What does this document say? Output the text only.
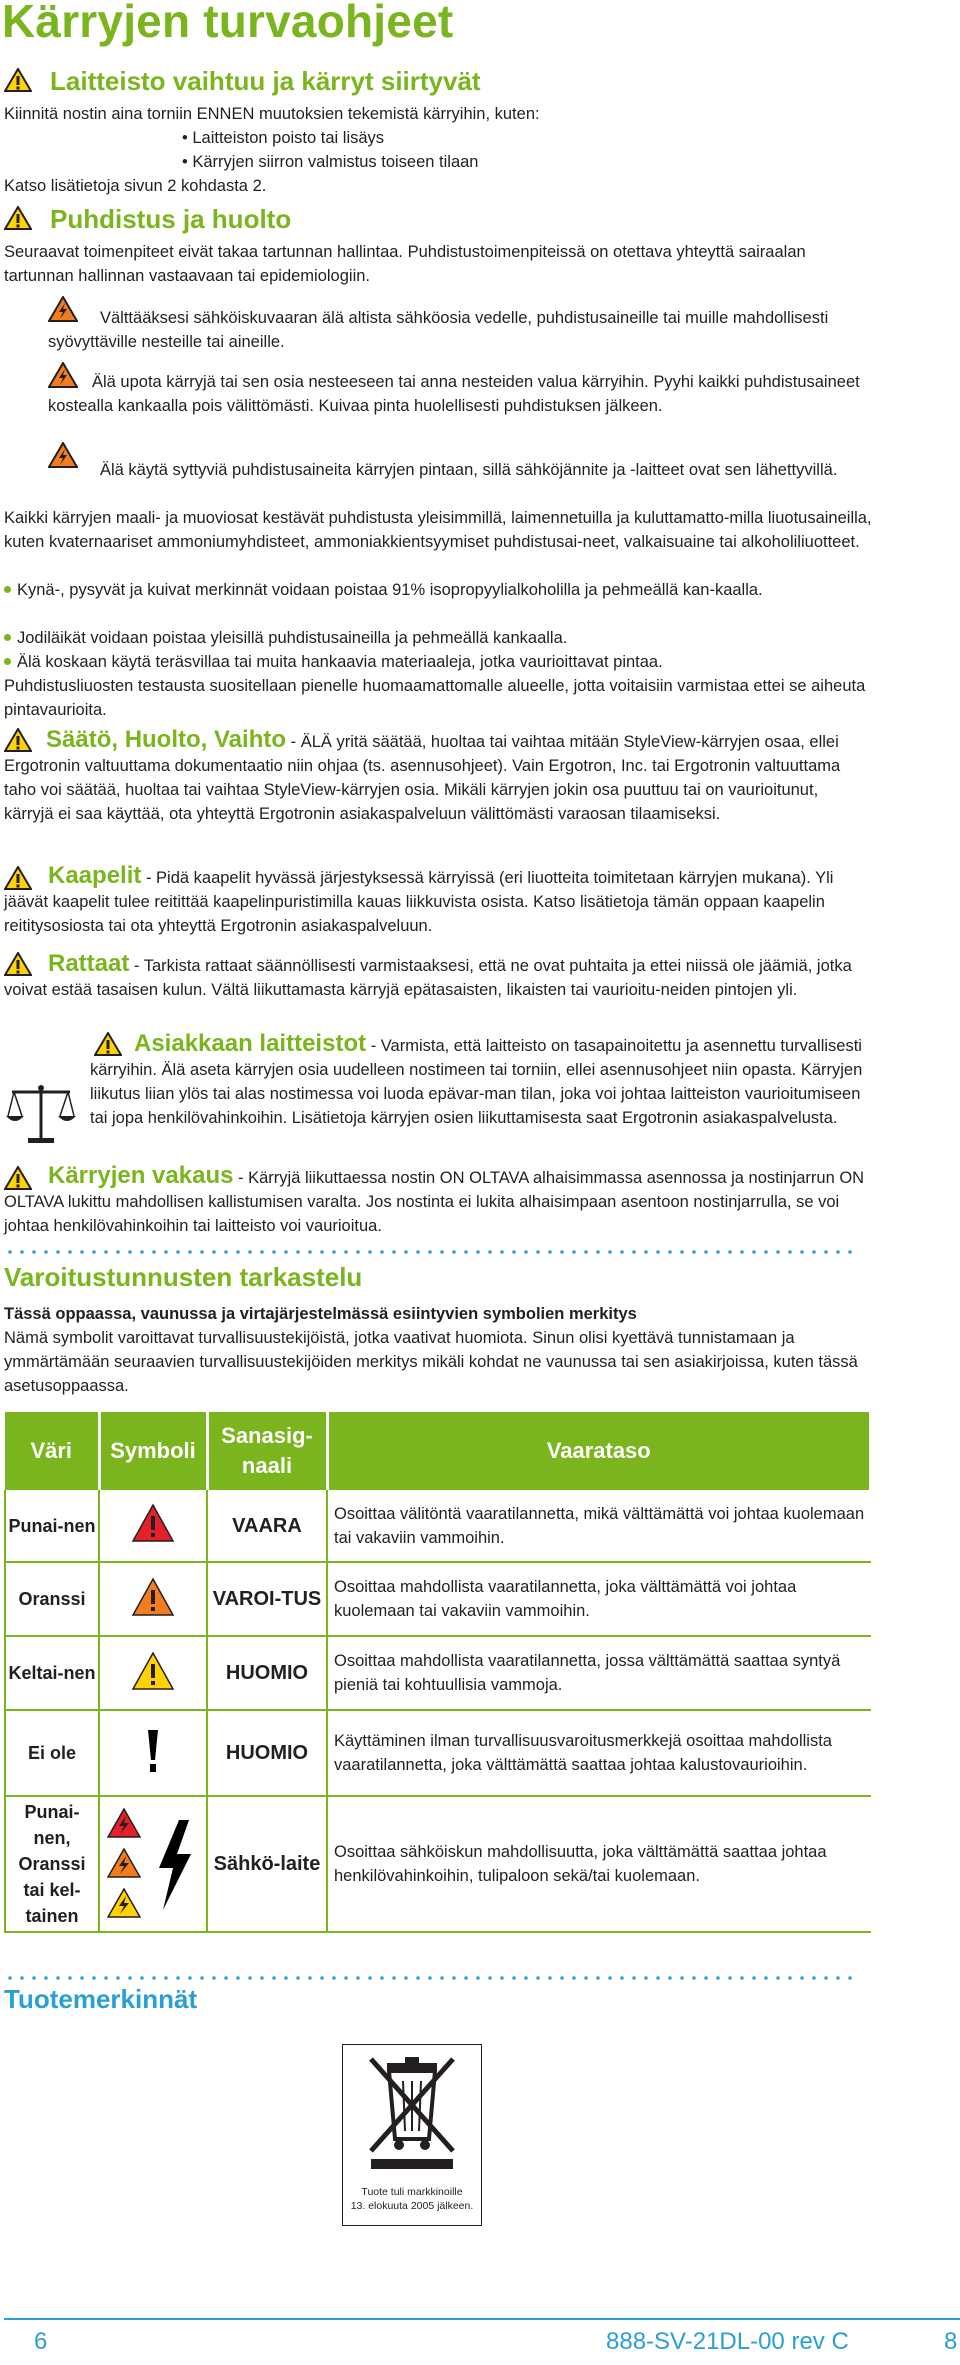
Kärryjen turvaohjeet
Laitteisto vaihtuu ja kärryt siirtyvät
Kiinnitä nostin aina torniin ENNEN muutoksien tekemistä kärryihin, kuten:
• Laitteiston poisto tai lisäys
• Kärryjen siirron valmistus toiseen tilaan
Katso lisätietoja sivun 2 kohdasta 2.
Puhdistus ja huolto
Seuraavat toimenpiteet eivät takaa tartunnan hallintaa. Puhdistustoimenpiteissä on otettava yhteyttä sairaalan tartunnan hallinnan vastaavaan tai epidemiologiin.
Välttääksesi sähköiskuvaaran älä altista sähköosia vedelle, puhdistusaineille tai muille mahdollisesti syövyttäville nesteille tai aineille.
Älä upota kärryjä tai sen osia nesteeseen tai anna nesteiden valua kärryihin. Pyyhi kaikki puhdistusaineet kostealla kankaalla pois välittömästi. Kuivaa pinta huolellisesti puhdistuksen jälkeen.
Älä käytä syttyviä puhdistusaineita kärryjen pintaan, sillä sähköjännite ja -laitteet ovat sen lähettyvillä.
Kaikki kärryjen maali- ja muoviosat kestävät puhdistusta yleisimmillä, laimennetuilla ja kuluttamatto-milla liuotusaineilla, kuten kvaternaariset ammoniumyhdisteet, ammoniakkientsyymiset puhdistusai-neet, valkaisuaine tai alkoholiliuotteet.
Kynä-, pysyvät ja kuivat merkinnät voidaan poistaa 91% isopropyylialkoholilla ja pehmeällä kan-kaalla.
Jodiläikät voidaan poistaa yleisillä puhdistusaineilla ja pehmeällä kankaalla.
Älä koskaan käytä teräsvillaa tai muita hankaavia materiaaleja, jotka vaurioittavat pintaa.
Puhdistusliuosten testausta suositellaan pienelle huomaamattomalle alueelle, jotta voitaisiin varmistaa ettei se aiheuta pintavaurioita.
Säätö, Huolto, Vaihto - ÄLÄ yritä säätää, huoltaa tai vaihtaa mitään StyleView-kärryjen osaa, ellei Ergotronin valtuuttama dokumentaatio niin ohjaa (ts. asennusohjeet). Vain Ergotron, Inc. tai Ergotronin valtuuttama taho voi säätää, huoltaa tai vaihtaa StyleView-kärryjen osia. Mikäli kärryjen jokin osa puuttuu tai on vaurioitunut, kärryjä ei saa käyttää, ota yhteyttä Ergotronin asiakaspalveluun välittömästi varaosan tilaamiseksi.
Kaapelit - Pidä kaapelit hyvässä järjestyksessä kärryissä (eri liuotteita toimitetaan kärryjen mukana). Yli jäävät kaapelit tulee reitittää kaapelinpuristimilla kauas liikkuvista osista. Katso lisätietoja tämän oppaan kaapelin reititysosiosta tai ota yhteyttä Ergotronin asiakaspalveluun.
Rattaat - Tarkista rattaat säännöllisesti varmistaaksesi, että ne ovat puhtaita ja ettei niissä ole jäämiä, jotka voivat estää tasaisen kulun. Vältä liikuttamasta kärryjä epätasaisten, likaisten tai vaurioitu-neiden pintojen yli.
Asiakkaan laitteistot - Varmista, että laitteisto on tasapainoitettu ja asennettu turvallisesti kärryihin. Älä aseta kärryjen osia uudelleen nostimeen tai torniin, ellei asennusohjeet niin opasta. Kärryjen liikutus liian ylös tai alas nostimessa voi luoda epävar-man tilan, joka voi johtaa laitteiston vaurioitumiseen tai jopa henkilövahinkoihin. Lisätietoja kärryjen osien liikuttamisesta saat Ergotronin asiakaspalvelusta.
Kärryjen vakaus - Kärryjä liikuttaessa nostin ON OLTAVA alhaisimmassa asennossa ja nostinjarrun ON OLTAVA lukittu mahdollisen kallistumisen varalta. Jos nostinta ei lukita alhaisimpaan asentoon nostinjarrulla, se voi johtaa henkilövahinkoihin tai laitteisto voi vaurioitua.
Varoitustunnusten tarkastelu
Tässä oppaassa, vaunussa ja virtajärjestelmässä esiintyvien symbolien merkitys
Nämä symbolit varoittavat turvallisuustekijöistä, jotka vaativat huomiota. Sinun olisi kyettävä tunnistamaan ja ymmärtämään seuraavien turvallisuustekijöiden merkitys mikäli kohdat ne vaunussa tai sen asiakirjoissa, kuten tässä asetusoppaassa.
Väri	Symboli	Sanasig-naali	Vaarataso
Punai-nen		VAARA	Osoittaa välitöntä vaaratilannetta, mikä välttämättä voi johtaa kuolemaan tai vakaviin vammoihin.
Oranssi		VAROI-TUS	Osoittaa mahdollista vaaratilannetta, joka välttämättä voi johtaa kuolemaan tai vakaviin vammoihin.
Keltai-nen		HUOMIO	Osoittaa mahdollista vaaratilannetta, jossa välttämättä saattaa syntyä pieniä tai kohtuullisia vammoja.
Ei ole		HUOMIO	Käyttäminen ilman turvallisuusvaroitusmerkkejä osoittaa mahdollista vaaratilannetta, joka välttämättä saattaa johtaa kalustovaurioihin.
Punai-nen, Oranssi tai kel-tainen		Sähkö-laite	Osoittaa sähköiskun mahdollisuutta, joka välttämättä saattaa johtaa henkilövahinkoihin, tulipaloon sekä/tai kuolemaan.
Tuotemerkinnät
Tuote tuli markkinoille
13. elokuuta 2005 jälkeen.
6	888-SV-21DL-00 rev C	8
